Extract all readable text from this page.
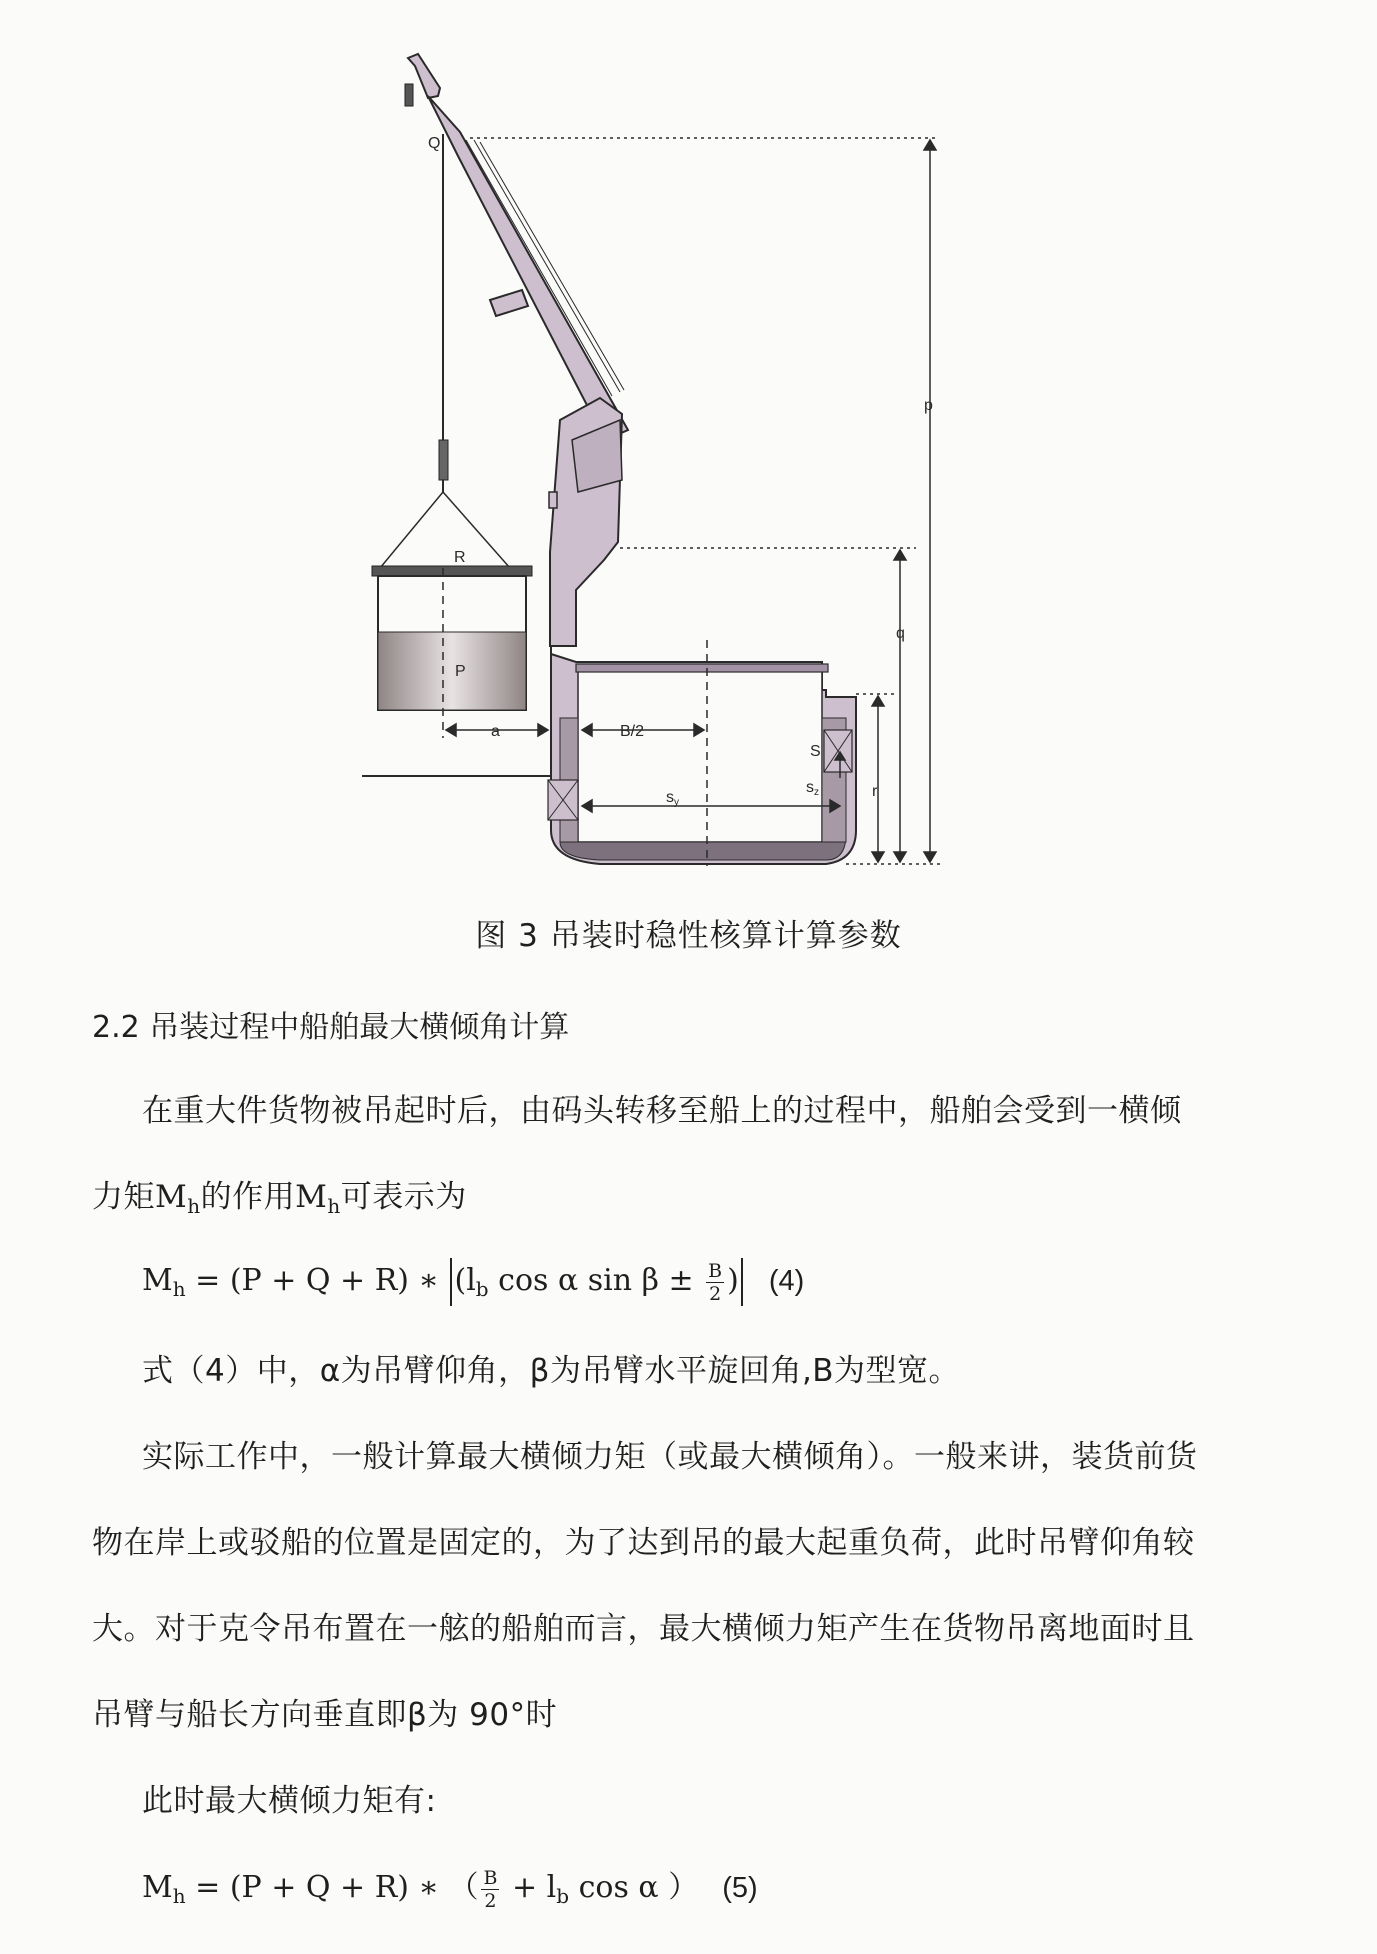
Q
R
P
a	B/2
S
sz
sy
r
q
p
图 3 吊装时稳性核算计算参数
2.2 吊装过程中船舶最大横倾角计算
在重大件货物被吊起时后，由码头转移至船上的过程中，船舶会受到一横倾
力矩$M_h$的作用$M_h$可表示为
$M_h = (P + Q + R)$ ∗ ($l_b$ cos α $\sin \beta \pm \frac{B}{2}$ ) (4)
式（4）中，α为吊臂仰角，β为吊臂水平旋回角,B为型宽。
实际工作中，一般计算最大横倾力矩（或最大横倾角）。一般来讲，装货前货
物在岸上或驳船的位置是固定的，为了达到吊的最大起重负荷，此时吊臂仰角较
大。对于克令吊布置在一舷的船舶而言，最大横倾力矩产生在货物吊离地面时且
吊臂与船长方向垂直即β为 90°时
此时最大横倾力矩有:
$M_h = (P + Q + R)$ ∗ （ $\frac{B}{2} + l_b$ cos α ） (5)
